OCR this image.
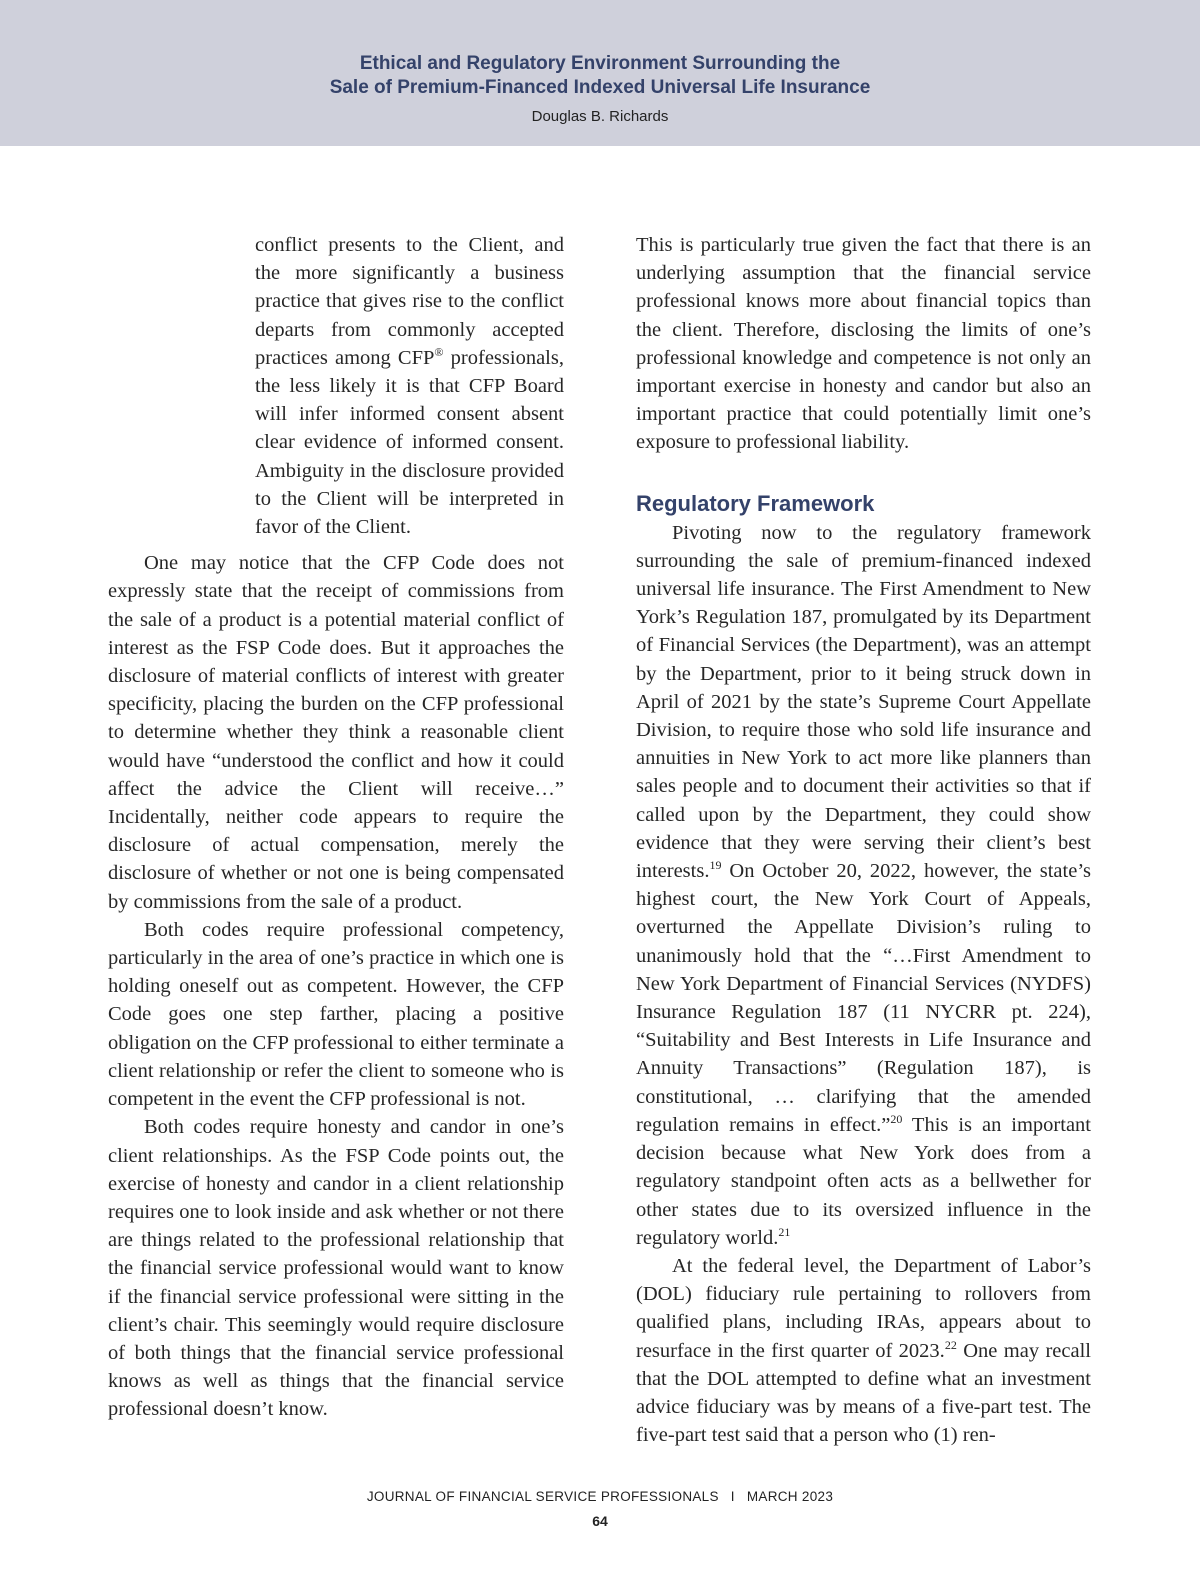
Ethical and Regulatory Environment Surrounding the
Sale of Premium-Financed Indexed Universal Life Insurance
Douglas B. Richards

conflict presents to the Client, and the more significantly a business practice that gives rise to the conflict departs from commonly accepted practices among CFP® professionals, the less likely it is that CFP Board will infer informed consent absent clear evidence of informed consent. Ambiguity in the disclosure provided to the Client will be interpreted in favor of the Client.

One may notice that the CFP Code does not expressly state that the receipt of commissions from the sale of a product is a potential material conflict of interest as the FSP Code does. But it approaches the disclosure of material conflicts of interest with greater specificity, placing the burden on the CFP professional to determine whether they think a reasonable client would have “understood the conflict and how it could affect the advice the Client will receive…” Incidentally, neither code appears to require the disclosure of actual compensation, merely the disclosure of whether or not one is being compensated by commissions from the sale of a product.

Both codes require professional competency, particularly in the area of one’s practice in which one is holding oneself out as competent. However, the CFP Code goes one step farther, placing a positive obligation on the CFP professional to either terminate a client relationship or refer the client to someone who is competent in the event the CFP professional is not.

Both codes require honesty and candor in one’s client relationships. As the FSP Code points out, the exercise of honesty and candor in a client relationship requires one to look inside and ask whether or not there are things related to the professional relationship that the financial service professional would want to know if the financial service professional were sitting in the client’s chair. This seemingly would require disclosure of both things that the financial service professional knows as well as things that the financial service professional doesn’t know.

This is particularly true given the fact that there is an underlying assumption that the financial service professional knows more about financial topics than the client. Therefore, disclosing the limits of one’s professional knowledge and competence is not only an important exercise in honesty and candor but also an important practice that could potentially limit one’s exposure to professional liability.

Regulatory Framework

Pivoting now to the regulatory framework surrounding the sale of premium-financed indexed universal life insurance. The First Amendment to New York’s Regulation 187, promulgated by its Department of Financial Services (the Department), was an attempt by the Department, prior to it being struck down in April of 2021 by the state’s Supreme Court Appellate Division, to require those who sold life insurance and annuities in New York to act more like planners than sales people and to document their activities so that if called upon by the Department, they could show evidence that they were serving their client’s best interests.$^{19}$ On October 20, 2022, however, the state’s highest court, the New York Court of Appeals, overturned the Appellate Division’s ruling to unanimously hold that the “…First Amendment to New York Department of Financial Services (NYDFS) Insurance Regulation 187 (11 NYCRR pt. 224), “Suitability and Best Interests in Life Insurance and Annuity Transactions” (Regulation 187), is constitutional, … clarifying that the amended regulation remains in effect.”$^{20}$ This is an important decision because what New York does from a regulatory standpoint often acts as a bellwether for other states due to its oversized influence in the regulatory world.$^{21}$

At the federal level, the Department of Labor’s (DOL) fiduciary rule pertaining to rollovers from qualified plans, including IRAs, appears about to resurface in the first quarter of 2023.22 One may recall that the DOL attempted to define what an investment advice fiduciary was by means of a five-part test. The five-part test said that a person who (1) ren-

JOURNAL OF FINANCIAL SERVICE PROFESSIONALS I MARCH 2023
64
